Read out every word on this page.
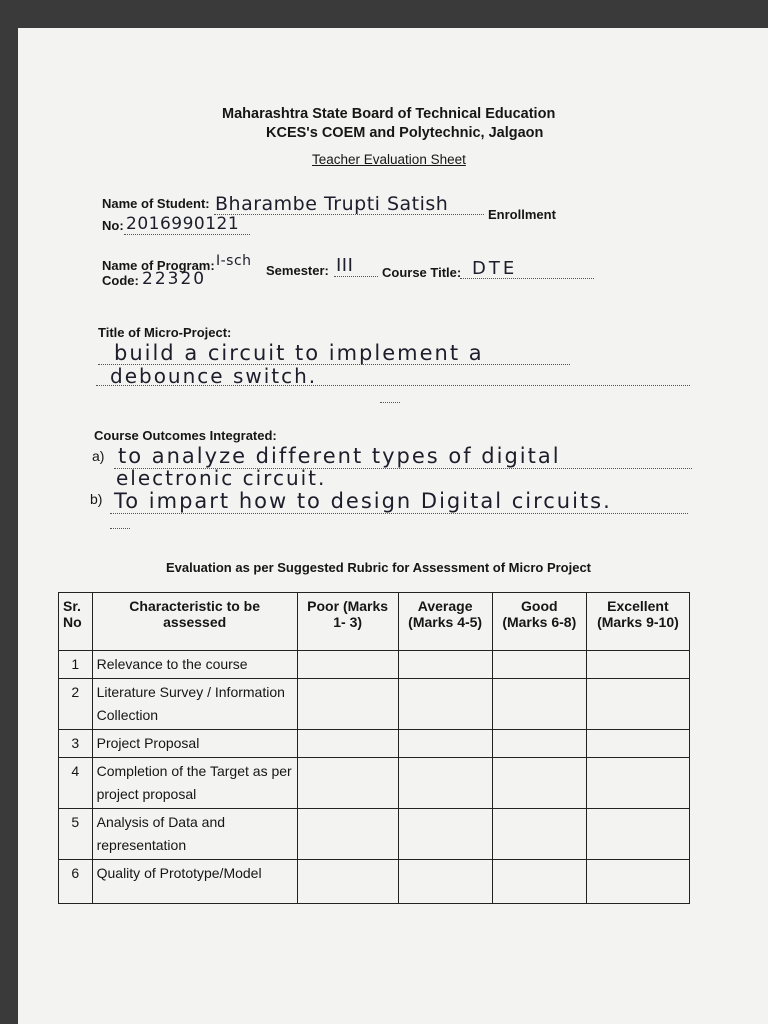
Maharashtra State Board of Technical Education
KCES's COEM and Polytechnic, Jalgaon
Teacher Evaluation Sheet
Name of Student: Bharambe Trupti Satish	Enrollment
No: 2016990121
Name of Program: I-sch
Semester: III Course Title: DTE
Code: 22320
Title of Micro-Project:
build a circuit to implement a
debounce switch.
Course Outcomes Integrated:
a) to analyze different types of digital
electronic circuit.
b) To impart how to design Digital circuits.
Evaluation as per Suggested Rubric for Assessment of Micro Project
Sr. No	Characteristic to be assessed	Poor (Marks 1- 3)	Average (Marks 4-5)	Good (Marks 6-8)	Excellent (Marks 9-10)
1	Relevance to the course				
2	Literature Survey / Information Collection				
3	Project Proposal				
4	Completion of the Target as per project proposal				
5	Analysis of Data and representation				
6	Quality of Prototype/Model				
